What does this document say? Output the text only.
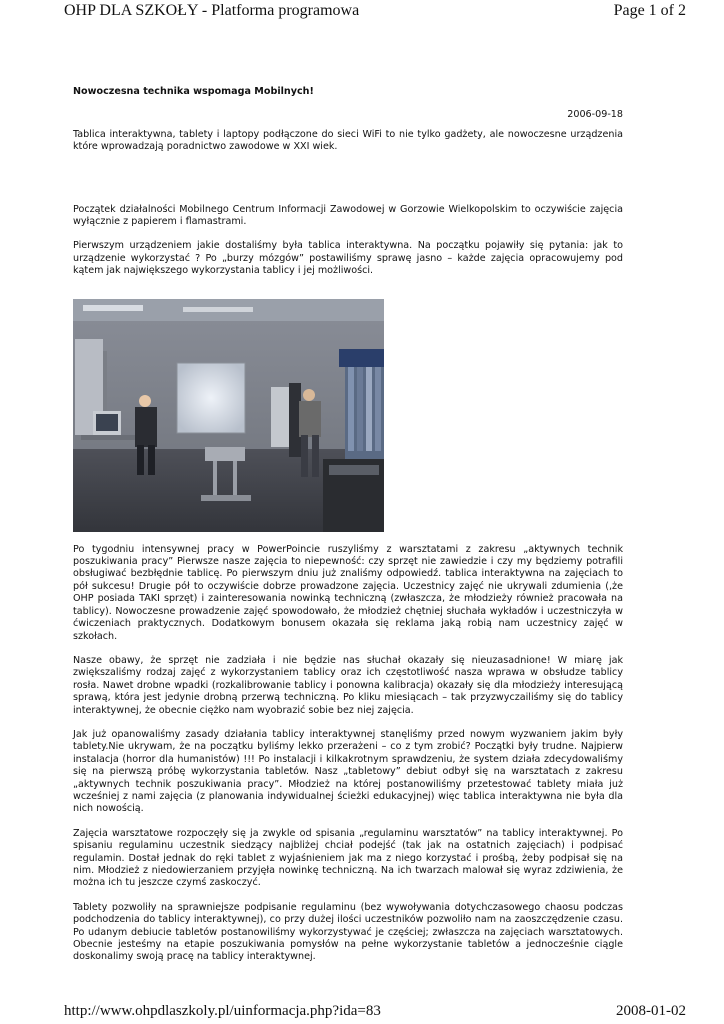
OHP DLA SZKOŁY - Platforma programowa	Page 1 of 2

Nowoczesna technika wspomaga Mobilnych!

2006-09-18

Tablica interaktywna, tablety i laptopy podłączone do sieci WiFi to nie tylko gadżety, ale nowoczesne urządzenia które wprowadzają poradnictwo zawodowe w XXI wiek.

Początek działalności Mobilnego Centrum Informacji Zawodowej w Gorzowie Wielkopolskim to oczywiście zajęcia wyłącznie z papierem i flamastrami.

Pierwszym urządzeniem jakie dostaliśmy była tablica interaktywna. Na początku pojawiły się pytania: jak to urządzenie wykorzystać ? Po „burzy mózgów” postawiliśmy sprawę jasno – każde zajęcia opracowujemy pod kątem jak największego wykorzystania tablicy i jej możliwości.

Po tygodniu intensywnej pracy w PowerPoincie ruszyliśmy z warsztatami z zakresu „aktywnych technik poszukiwania pracy” Pierwsze nasze zajęcia to niepewność: czy sprzęt nie zawiedzie i czy my będziemy potrafili obsługiwać bezbłędnie tablicę. Po pierwszym dniu już znaliśmy odpowiedź. tablica interaktywna na zajęciach to pół sukcesu! Drugie pół to oczywiście dobrze prowadzone zajęcia. Uczestnicy zajęć nie ukrywali zdumienia (,że OHP posiada TAKI sprzęt) i zainteresowania nowinką techniczną (zwłaszcza, że młodzieży również pracowała na tablicy). Nowoczesne prowadzenie zajęć spowodowało, że młodzież chętniej słuchała wykładów i uczestniczyła w ćwiczeniach praktycznych. Dodatkowym bonusem okazała się reklama jaką robią nam uczestnicy zajęć w szkołach.

Nasze obawy, że sprzęt nie zadziała i nie będzie nas słuchał okazały się nieuzasadnione! W miarę jak zwiększaliśmy rodzaj zajęć z wykorzystaniem tablicy oraz ich częstotliwość nasza wprawa w obsłudze tablicy rosła. Nawet drobne wpadki (rozkalibrowanie tablicy i ponowna kalibracja) okazały się dla młodzieży interesującą sprawą, która jest jedynie drobną przerwą techniczną. Po kliku miesiącach – tak przyzwyczailiśmy się do tablicy interaktywnej, że obecnie ciężko nam wyobrazić sobie bez niej zajęcia.

Jak już opanowaliśmy zasady działania tablicy interaktywnej stanęliśmy przed nowym wyzwaniem jakim były tablety.Nie ukrywam, że na początku byliśmy lekko przerażeni – co z tym zrobić? Początki były trudne. Najpierw instalacja (horror dla humanistów) !!! Po instalacji i kilkakrotnym sprawdzeniu, że system działa zdecydowaliśmy się na pierwszą próbę wykorzystania tabletów. Nasz „tabletowy” debiut odbył się na warsztatach z zakresu „aktywnych technik poszukiwania pracy”. Młodzież na której postanowiliśmy przetestować tablety miała już wcześniej z nami zajęcia (z planowania indywidualnej ścieżki edukacyjnej) więc tablica interaktywna nie była dla nich nowością.

Zajęcia warsztatowe rozpoczęły się ja zwykle od spisania „regulaminu warsztatów” na tablicy interaktywnej. Po spisaniu regulaminu uczestnik siedzący najbliżej chciał podejść (tak jak na ostatnich zajęciach) i podpisać regulamin. Dostał jednak do ręki tablet z wyjaśnieniem jak ma z niego korzystać i prośbą, żeby podpisał się na nim. Młodzież z niedowierzaniem przyjęła nowinkę techniczną. Na ich twarzach malował się wyraz zdziwienia, że można ich tu jeszcze czymś zaskoczyć.

Tablety pozwoliły na sprawniejsze podpisanie regulaminu (bez wywoływania dotychczasowego chaosu podczas podchodzenia do tablicy interaktywnej), co przy dużej ilości uczestników pozwoliło nam na zaoszczędzenie czasu. Po udanym debiucie tabletów postanowiliśmy wykorzystywać je częściej; zwłaszcza na zajęciach warsztatowych. Obecnie jesteśmy na etapie poszukiwania pomysłów na pełne wykorzystanie tabletów a jednocześnie ciągle doskonalimy swoją pracę na tablicy interaktywnej.

http://www.ohpdlaszkoly.pl/uinformacja.php?ida=83	2008-01-02
